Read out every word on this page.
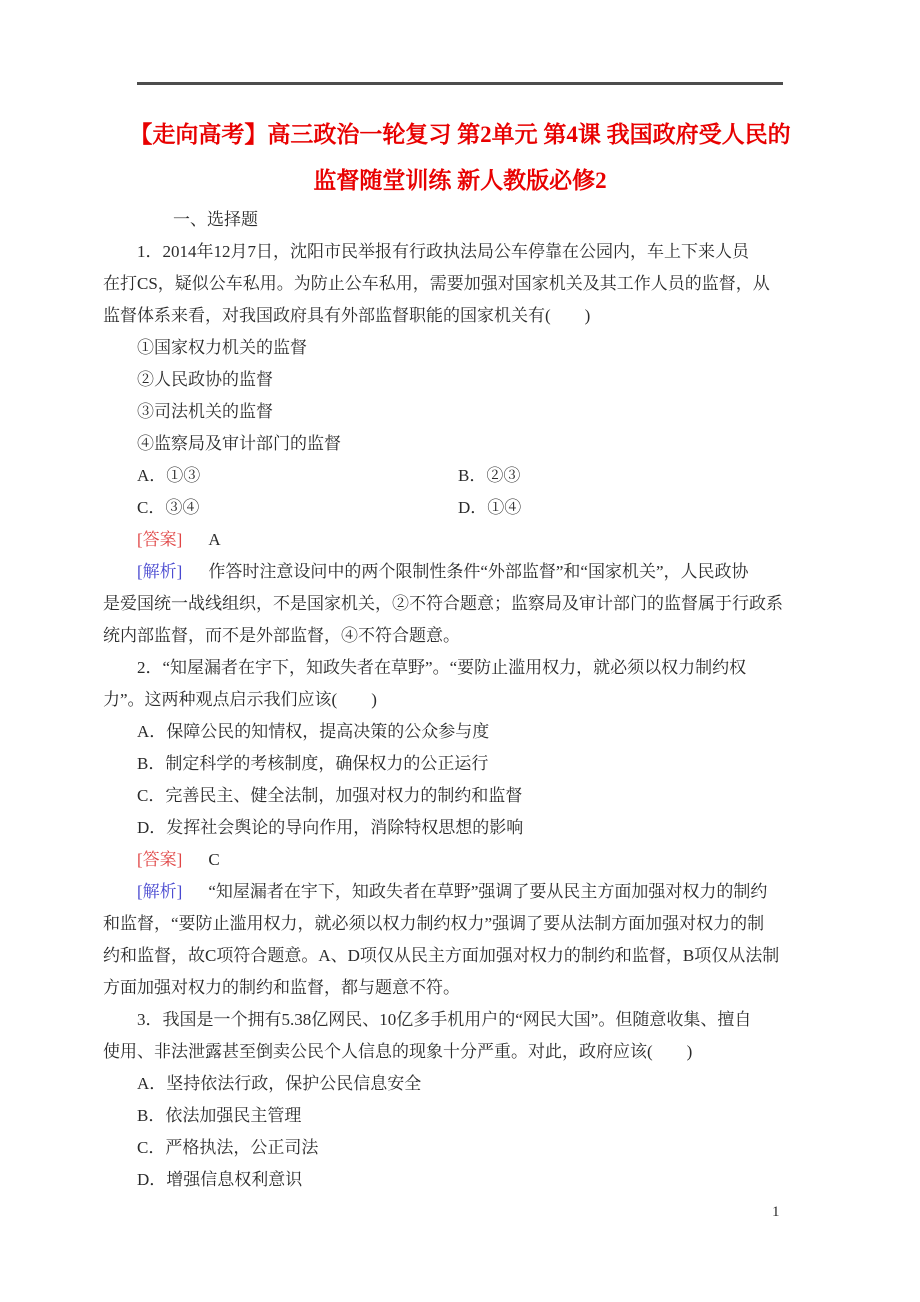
【走向高考】高三政治一轮复习 第2单元 第4课 我国政府受人民的
监督随堂训练 新人教版必修2
一、选择题
1．2014年12月7日，沈阳市民举报有行政执法局公车停靠在公园内，车上下来人员
在打CS，疑似公车私用。为防止公车私用，需要加强对国家机关及其工作人员的监督，从
监督体系来看，对我国政府具有外部监督职能的国家机关有(　　)
①国家权力机关的监督
②人民政协的监督
③司法机关的监督
④监察局及审计部门的监督
A．①③	B．②③
C．③④	D．①④
[答案] A
[解析] 作答时注意设问中的两个限制性条件“外部监督”和“国家机关”，人民政协
是爱国统一战线组织，不是国家机关，②不符合题意；监察局及审计部门的监督属于行政系
统内部监督，而不是外部监督，④不符合题意。
2．“知屋漏者在宇下，知政失者在草野”。“要防止滥用权力，就必须以权力制约权
力”。这两种观点启示我们应该(　　)
A．保障公民的知情权，提高决策的公众参与度
B．制定科学的考核制度，确保权力的公正运行
C．完善民主、健全法制，加强对权力的制约和监督
D．发挥社会舆论的导向作用，消除特权思想的影响
[答案] C
[解析] “知屋漏者在宇下，知政失者在草野”强调了要从民主方面加强对权力的制约
和监督，“要防止滥用权力，就必须以权力制约权力”强调了要从法制方面加强对权力的制
约和监督，故C项符合题意。A、D项仅从民主方面加强对权力的制约和监督，B项仅从法制
方面加强对权力的制约和监督，都与题意不符。
3．我国是一个拥有5.38亿网民、10亿多手机用户的“网民大国”。但随意收集、擅自
使用、非法泄露甚至倒卖公民个人信息的现象十分严重。对此，政府应该(　　)
A．坚持依法行政，保护公民信息安全
B．依法加强民主管理
C．严格执法，公正司法
D．增强信息权利意识
1
